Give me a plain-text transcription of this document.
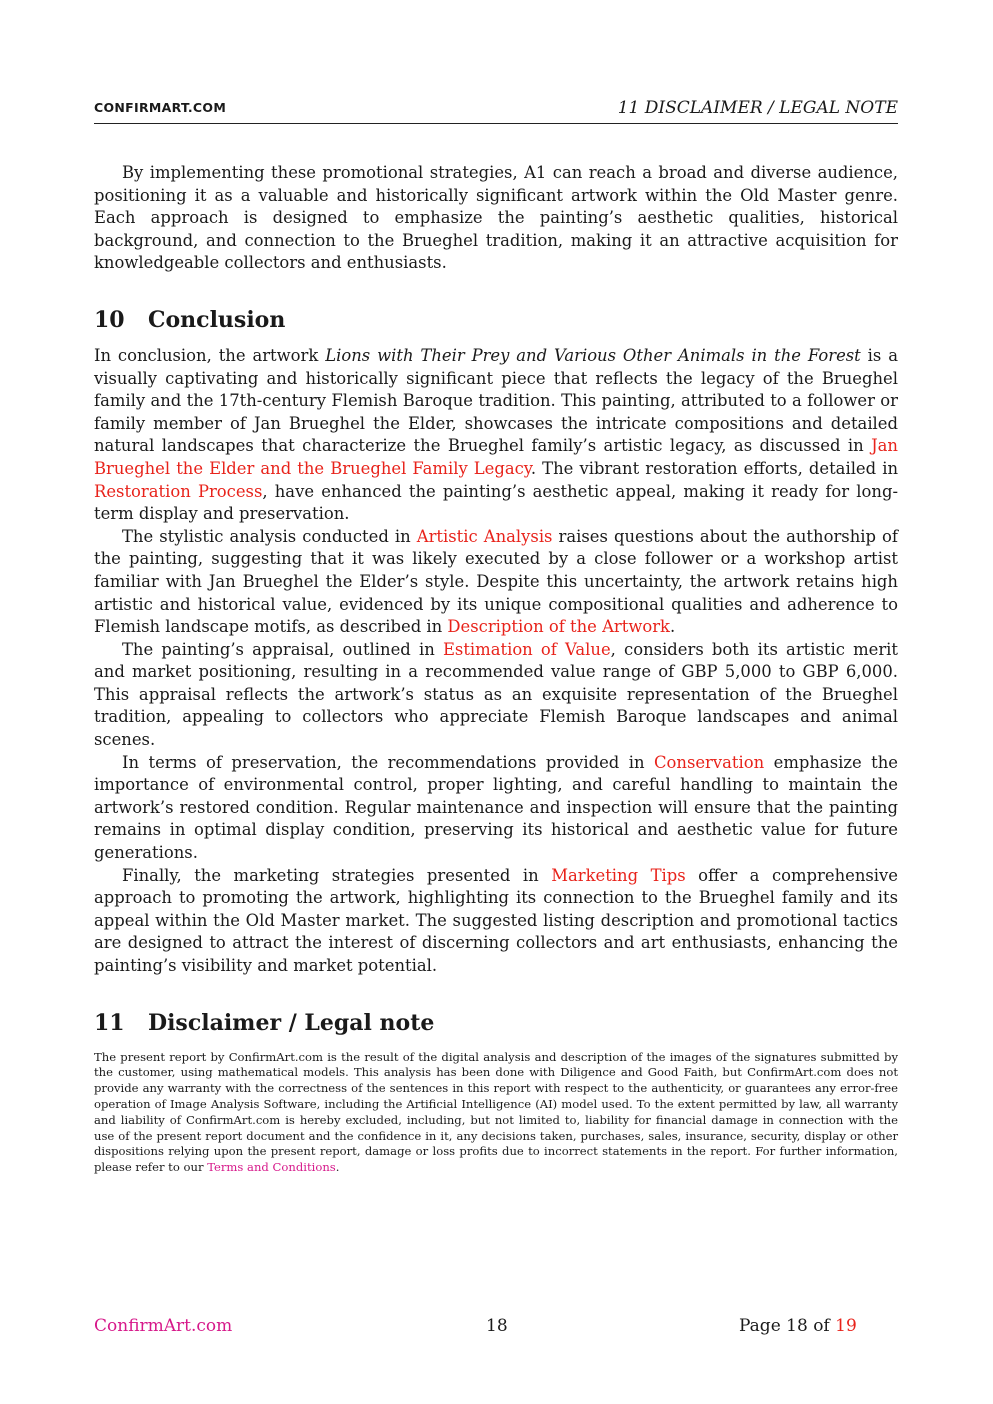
CONFIRMART.COM	11 DISCLAIMER / LEGAL NOTE

By implementing these promotional strategies, A1 can reach a broad and diverse audience, positioning it as a valuable and historically significant artwork within the Old Master genre. Each approach is designed to emphasize the painting’s aesthetic qualities, historical background, and connection to the Brueghel tradition, making it an attractive acquisition for knowledgeable collectors and enthusiasts.

10 Conclusion

In conclusion, the artwork Lions with Their Prey and Various Other Animals in the Forest is a visually captivating and historically significant piece that reflects the legacy of the Brueghel family and the 17th-century Flemish Baroque tradition. This painting, attributed to a follower or family member of Jan Brueghel the Elder, showcases the intricate compositions and detailed natural landscapes that characterize the Brueghel family’s artistic legacy, as discussed in Jan Brueghel the Elder and the Brueghel Family Legacy. The vibrant restoration efforts, detailed in Restoration Process, have enhanced the painting’s aesthetic appeal, making it ready for long-term display and preservation.

The stylistic analysis conducted in Artistic Analysis raises questions about the authorship of the painting, suggesting that it was likely executed by a close follower or a workshop artist familiar with Jan Brueghel the Elder’s style. Despite this uncertainty, the artwork retains high artistic and historical value, evidenced by its unique compositional qualities and adherence to Flemish landscape motifs, as described in Description of the Artwork.

The painting’s appraisal, outlined in Estimation of Value, considers both its artistic merit and market positioning, resulting in a recommended value range of GBP 5,000 to GBP 6,000. This appraisal reflects the artwork’s status as an exquisite representation of the Brueghel tradition, appealing to collectors who appreciate Flemish Baroque landscapes and animal scenes.

In terms of preservation, the recommendations provided in Conservation emphasize the importance of environmental control, proper lighting, and careful handling to maintain the artwork’s restored condition. Regular maintenance and inspection will ensure that the painting remains in optimal display condition, preserving its historical and aesthetic value for future generations.

Finally, the marketing strategies presented in Marketing Tips offer a comprehensive approach to promoting the artwork, highlighting its connection to the Brueghel family and its appeal within the Old Master market. The suggested listing description and promotional tactics are designed to attract the interest of discerning collectors and art enthusiasts, enhancing the painting’s visibility and market potential.

11 Disclaimer / Legal note

The present report by ConfirmArt.com is the result of the digital analysis and description of the images of the signatures submitted by the customer, using mathematical models. This analysis has been done with Diligence and Good Faith, but ConfirmArt.com does not provide any warranty with the correctness of the sentences in this report with respect to the authenticity, or guarantees any error-free operation of Image Analysis Software, including the Artificial Intelligence (AI) model used. To the extent permitted by law, all warranty and liability of ConfirmArt.com is hereby excluded, including, but not limited to, liability for financial damage in connection with the use of the present report document and the confidence in it, any decisions taken, purchases, sales, insurance, security, display or other dispositions relying upon the present report, damage or loss profits due to incorrect statements in the report. For further information, please refer to our Terms and Conditions.

ConfirmArt.com	18	Page 18 of 19
